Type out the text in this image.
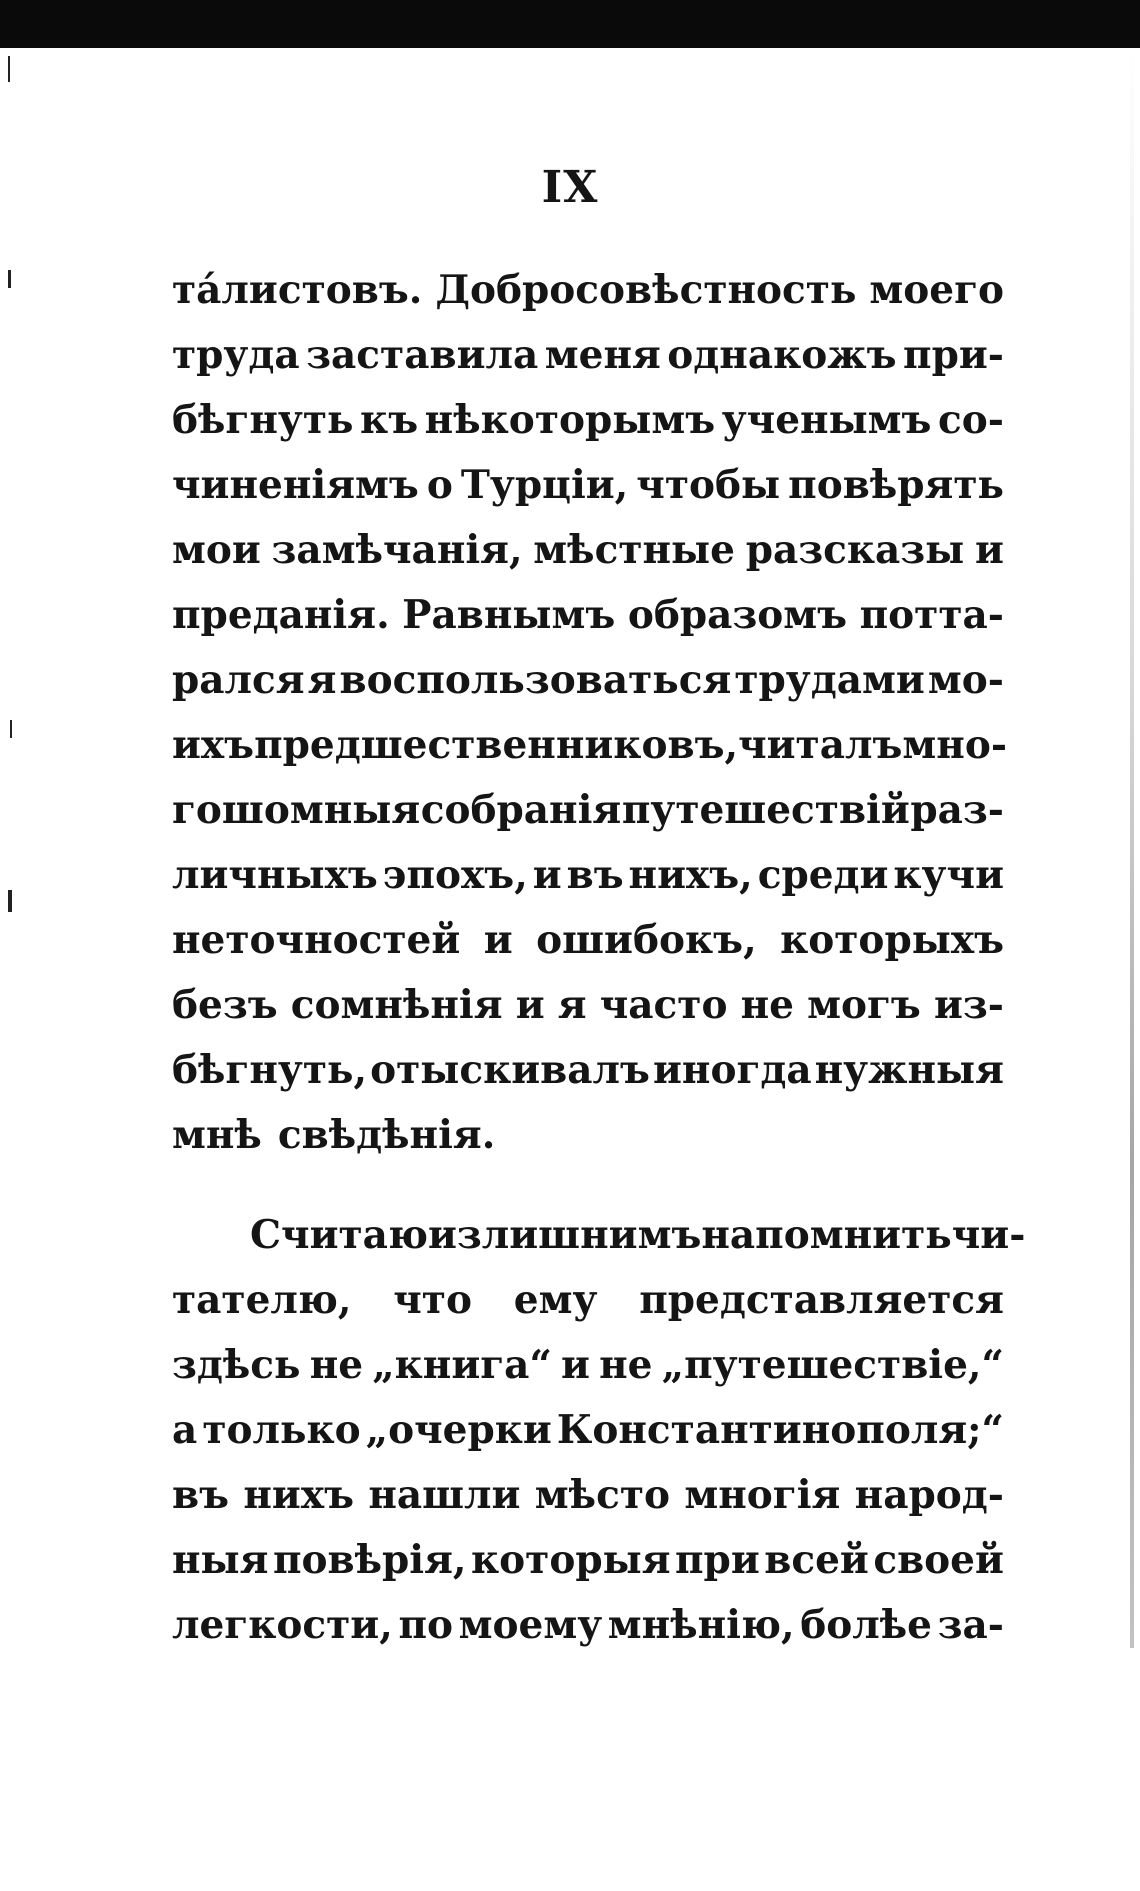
IX
тáлистовъ. Добросовѣстность моего
труда заставила меня однакожъ при-
бѣгнуть къ нѣкоторымъ ученымъ со-
чиненіямъ о Турціи, чтобы повѣрять
мои замѣчанія, мѣстные разсказы и
преданія. Равнымъ образомъ потта-
рался я воспользоваться трудами мо-
ихъ предшественниковъ, читалъ мно-
гошомныя собранія путешествій раз-
личныхъ эпохъ, и въ нихъ, среди кучи
неточностей и ошибокъ, которыхъ
безъ сомнѣнія и я часто не могъ из-
бѣгнуть, отыскивалъ иногда нужныя
мнѣ свѣдѣнія.
Считаю излишнимъ напомнить чи-
тателю, что ему представляется
здѣсь не „книга“ и не „путешествіе,“
а только „очерки Константинополя;“
въ нихъ нашли мѣсто многія народ-
ныя повѣрія, которыя при всей своей
легкости, по моему мнѣнію, болѣе за-
